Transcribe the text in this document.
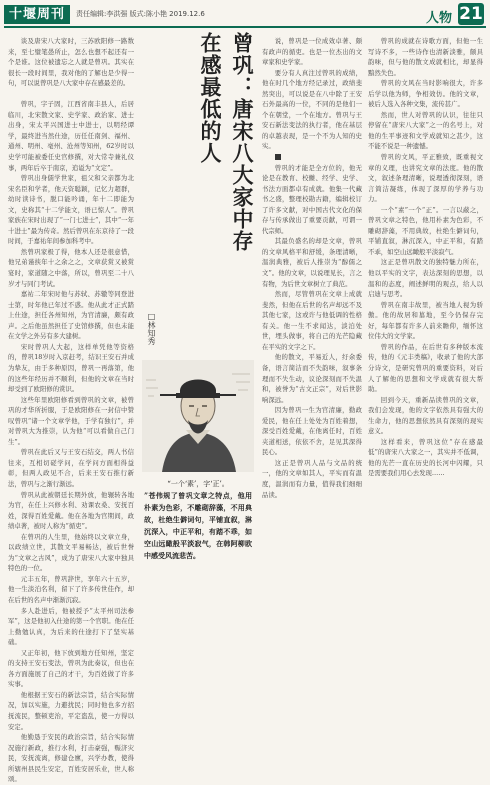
十堰周刊	责任编辑:李洪强 版式:陈小艳 2019.12.6	人物 21

谈及唐宋八大家时，三苏欧阳修一路数来，至七璧笔愚所止，怎么也想不起还有一个是谁。这位被遗忘之人就是曾巩。其实在很长一段时间里，我对他的了解也是少得一句，可以说曾巩是八大家中存在感最差的。

曾巩，字子固，江西省南丰县人，后居临川，北宋散文家、史学家、政治家、进士出身，宋太平兴国进士中进士，以明经谭学，最终进当然仕途，历任任南剑、福州、通州、明州、亳州、沧州等知州，62岁时以史学可能被委任史官修撰，对大常寺兼礼仪事，两年后卒于南京，追谥为“文定”。

曾巩出身儒学世家，祖父和父亲都为北宋名臣和学者，他天资聪颖，记忆力超群，幼时读诗书，脱口能吟诵，年十二即能为文，史称其“十二学能文，语已惊人”。曾巩家族在宋时出现了“一门七进士”，其中“一年十进士”最为传奇。然后曾巩在东京待了一段时间，于嘉祐年间参加科考中。

然曾巩家极了得，他本人还是很意惜，他兄弟谨挟年十之余之之，文章获赏又被赏宴时，家道随之中落，所以，曾巩至二十八岁才与同门考试。

嘉祐二年宋时他与苏轼、苏辙等同登进士第，时年他已年过不惑。他从此才正式踏上仕途，担任各州知州，为官清廉，颇有政声。之后他虽然担任了史馆修撰，但也未能在文学之外另有多大建树。

宋时曾巩人大起，这样单凭他等资格的，曾巩18岁时入京赶考，结识王安石并成为挚友，由于多种原因，曾巩一再落第，他的这些年经历并不顺利，但他的文章在当时却受到了欧阳修的赏识。

这些年里欧阳修看到曾巩的文章，被曾巩的才华所折服，于是欧阳修在一封信中赞叹曾巩“诸一个文章学他，于学有独行”，并对曾巩大为推崇，认为他“可以看做自己门生”。

曾巩在此后又与王安石结交，两人书信往来，互相切磋学问，在学问方面相得益彰，但两人政见不合，后来王安石推行新法，曾巩与之渐行渐远。

曾巩从此被朝廷长期外放，他辗转各地为官，在任上兴修水利、劝课农桑、安抚百姓，深得百姓爱戴。他在各地为官期间，政绩卓著，被时人称为“循吏”。

在曾巩的人生里，他始终以文章立身，以政绩立世，其散文平易畅达，被后世誉为“文章之古风”，成为了唐宋八大家中独具特色的一位。

元丰五年，曾巩辞世，享年六十五岁，他一生淡泊名利，留下了许多传世佳作，却在后世的名声中渐渐沉寂。

多人赴进后，他被授予“太平州司法参军”，这是他初入仕途的第一个官职。他在任上勤勉认真，为后来的仕途打下了坚实基础。

又正年初，他下放到地方任知州，坚定的支持王安石变法，曾巩为此奏议，但也在各方面施展了自己的才干，为百姓做了许多实事。

他根据王安石的新法宗旨，结合实际情况，加以实施，力避扰民；同时他也多方招抚流民，整顿吏治，平定盗乱，使一方得以安定。

他勤恳于安民的政治宗旨，结合实际情况施行新政，推行水利，打击豪强，赈济灾民，安抚流离，修建仓廪，兴学办教，使得所辖州县民生安定，百姓安居乐业，世人称颂。

曾巩：唐宋八大家中存
在感最低的人
□林知秀
“一个‘素’，字‘正’。
”苍伟规了曾巩文章之特点，他用朴素为色彩，不雕砌辞藻，不用典故，杜绝生僻词句，平铺直叙，淋沉深入，中正平和，有踏不乖，如空山远瞰般平淡寂气，在韩阿柳欧中感受风流悲苦。

说，曾巩是一位成效卓著、颇有政声的循吏。也是一位杰出的文章家和史学家。

要分有人真注过曾巩的成绩，他在时几个地方经记录过，政绩斐然突出，可以说是在八中除了王安石外最高的一位，不同的是他们一个在朝堂，一个在地方。曾巩与王安石新法变法的执行者，他在基层的卓越表现，是一个不为人知的史实。

曾巩的才能是全方位的，他无论是在教育、校雠、经学、史学、书法方面都卓有成就。他集一代藏书之盛，整理校勘古籍，编辑校订了许多文献，对中国古代文化的保存与传承做出了重要贡献，可谓一代宗师。

其最负盛名的却是文章，曾巩的文章风格平和舒缓，条理清晰，温润典雅，被后人推崇为“醇儒之文”。他的文章，以说理见长，言之有物，为后世文章树立了典范。

然而，尽管曾巩在文章上成就斐然，但他在后世的名声却远不及其他七家，这或许与他低调的性格有关。他一生不求闻达，淡泊处世，埋头做事，将自己的光芒隐藏在平实的文字之下。

他的散文，平易近人，纡余委备，语言简洁而不失韵味，叙事条理而不失生动，议论深刻而不失温和，被誉为“古文正宗”，对后世影响深远。

因为曾巩一生为官清廉，勤政爱民，他在任上处处为百姓着想，深受百姓爱戴，在他离任时，百姓夹道相送，依依不舍，足见其深得民心。

这正是曾巩人品与文品的统一，他的文章如其人，平实而有温度，温润而有力量，值得我们细细品读。

曾巩的成就在诗歌方面，但他一生写诗不多，一些诗作也清新淡雅，颇具韵味，但与他的散文成就相比，却显得黯然失色。

曾巩的文风在当时影响很大，许多后学以他为师，争相效仿。他的文章，被后人选入各种文集，流传甚广。

然而，世人对曾巩的认识，往往只停留在“唐宋八大家”之一的名号上，对他的生平事迹和文学成就知之甚少，这不能不说是一种遗憾。

曾巩的文风，平正雅致，既重视文章的义理，也讲究文章的法度。他的散文，叙述条理清晰，说理透彻深刻，语言简洁凝练，体现了深厚的学养与功力。

一个“素”一个“正”。一言以蔽之，曾巩文章之特色，他用朴素为色彩，不雕砌辞藻，不用典故，杜绝生僻词句，平铺直叙，淋沉深入，中正平和，有踏不乖，如空山远瞰般平淡寂气。

这正是曾巩散文的独特魅力所在，他以平实的文字，表达深刻的思想，以温和的态度，阐述鲜明的观点，给人以启迪与思考。

曾巩在南丰故里，被当地人视为骄傲。他的故居和墓地，至今仍保存完好，每年都有许多人前来瞻仰，缅怀这位伟大的文学家。

曾巩的作品，在后世有多种版本流传，他的《元丰类稿》，收录了他的大部分诗文，是研究曾巩的重要资料，对后人了解他的思想和文学成就有很大帮助。

回到今天，重新品读曾巩的文章，我们会发现，他的文字依然具有强大的生命力，他的思想依然具有深刻的现实意义。

这样看来，曾巩这位“存在感最低”的唐宋八大家之一，其实并不低调，他的光芒一直在历史的长河中闪耀，只是需要我们用心去发现……
